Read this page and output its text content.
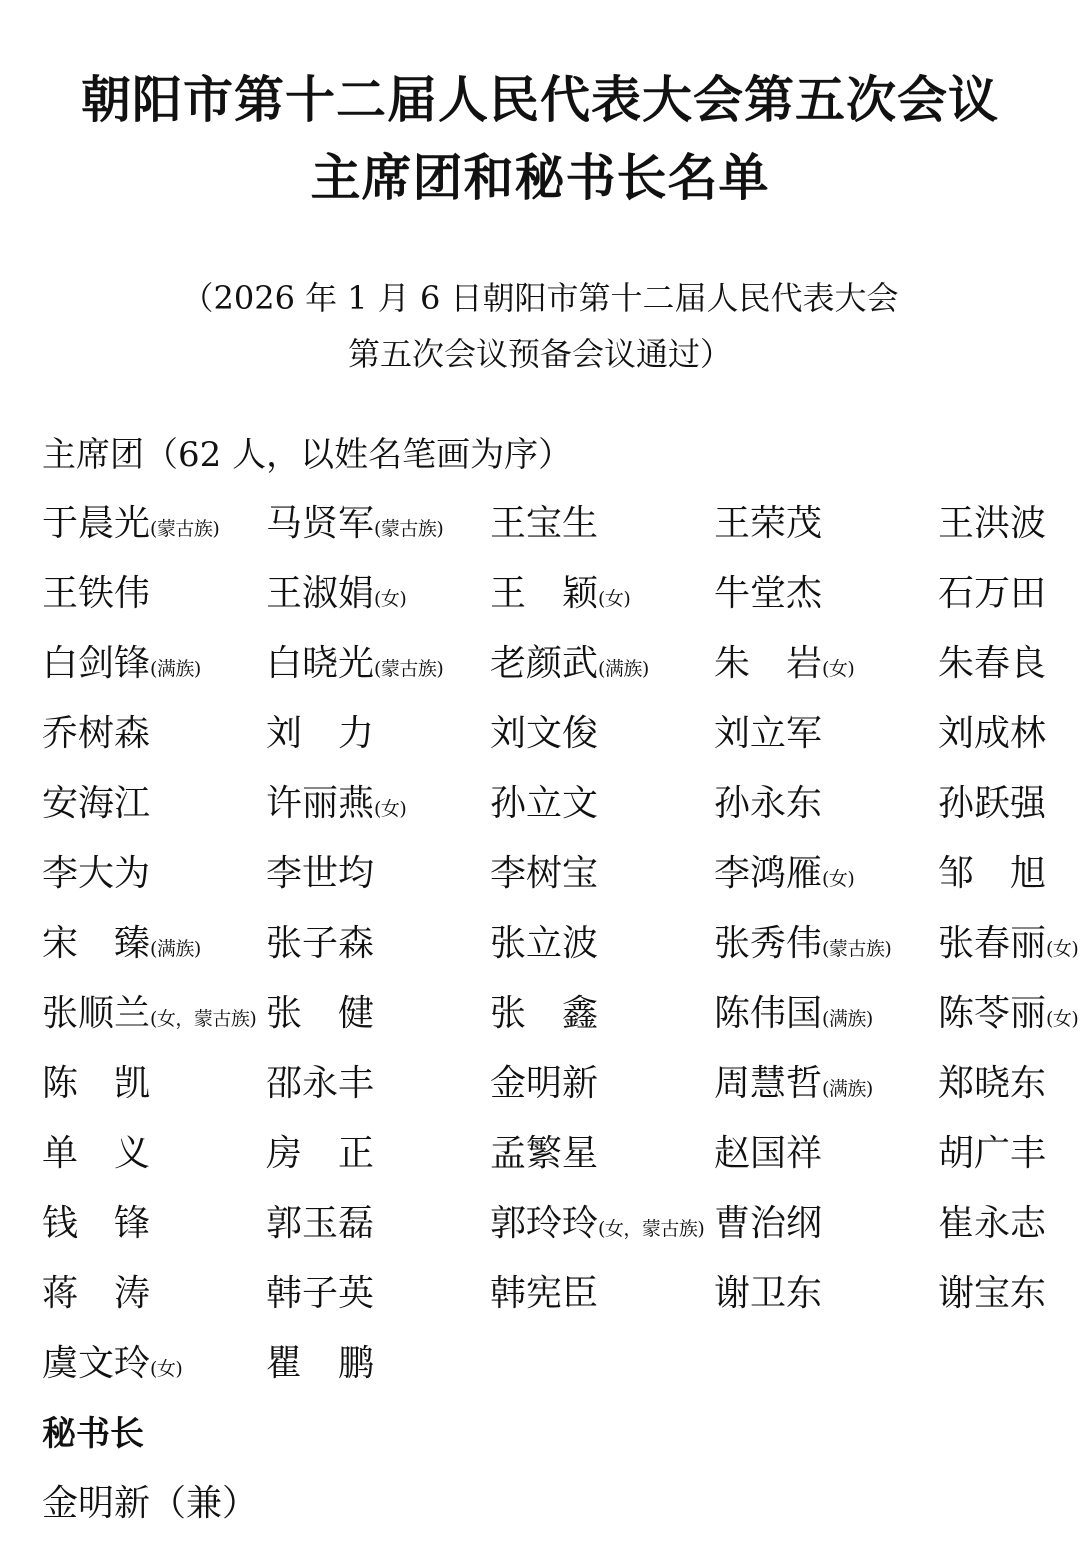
朝阳市第十二届人民代表大会第五次会议
主席团和秘书长名单
（2026 年 1 月 6 日朝阳市第十二届人民代表大会
第五次会议预备会议通过）
主席团（62 人，以姓名笔画为序）
于晨光(蒙古族)	马贤军(蒙古族)	王宝生	王荣茂	王洪波
王铁伟	王淑娟(女)	王　颖(女)	牛堂杰	石万田
白剑锋(满族)	白晓光(蒙古族)	老颜武(满族)	朱　岩(女)	朱春良
乔树森	刘　力	刘文俊	刘立军	刘成林
安海江	许丽燕(女)	孙立文	孙永东	孙跃强
李大为	李世均	李树宝	李鸿雁(女)	邹　旭
宋　臻(满族)	张子森	张立波	张秀伟(蒙古族)	张春丽(女)
张顺兰(女，蒙古族) 张　健	张　鑫	陈伟国(满族)	陈苓丽(女)
陈　凯	邵永丰	金明新	周慧哲(满族)	郑晓东
单　义	房　正	孟繁星	赵国祥	胡广丰
钱　锋	郭玉磊	郭玲玲(女，蒙古族) 曹治纲	崔永志
蒋　涛	韩子英	韩宪臣	谢卫东	谢宝东
虞文玲(女)	瞿　鹏
秘书长
金明新（兼）
